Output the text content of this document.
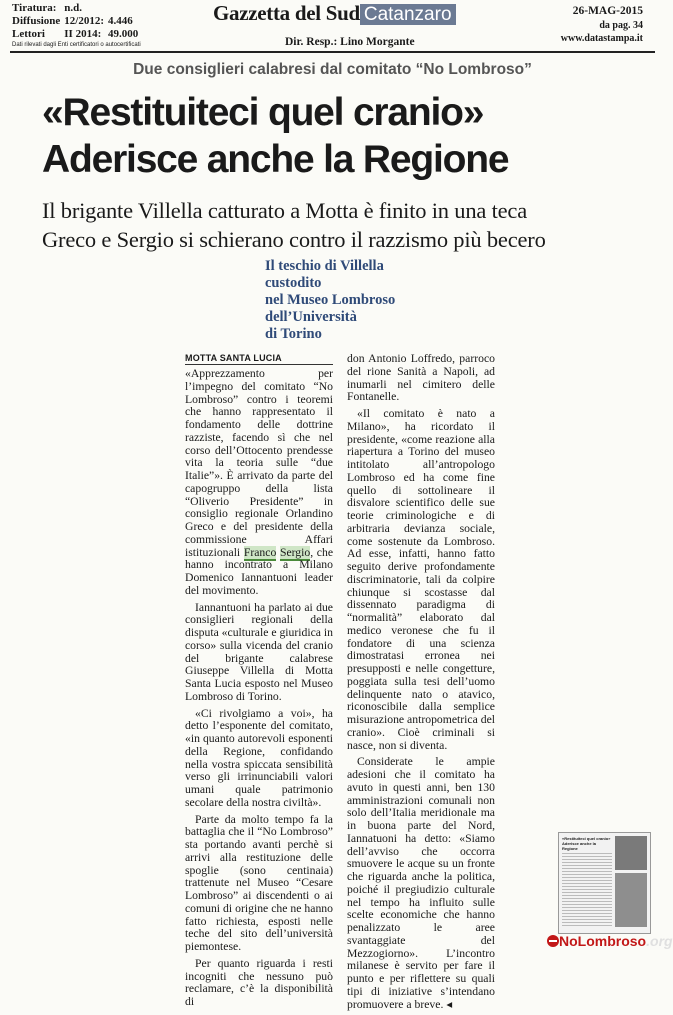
Tiratura:	n.d.	
Diffusione	12/2012:	4.446
Lettori	II 2014:	49.000
Dati rilevati dagli Enti certificatori o autocertificati
Gazzetta del Sud Catanzaro
Dir. Resp.: Lino Morgante
26-MAG-2015
da pag. 34
www.datastampa.it
Due consiglieri calabresi dal comitato “No Lombroso”
«Restituiteci quel cranio»
Aderisce anche la Regione
Il brigante Villella catturato a Motta è finito in una teca
Greco e Sergio si schierano contro il razzismo più becero
Il teschio di Villella
custodito
nel Museo Lombroso
dell’Università
di Torino
MOTTA SANTA LUCIA

«Apprezzamento per l’impegno del comitato “No Lombroso” contro i teoremi che hanno rappresentato il fondamento delle dottrine razziste, facendo sì che nel corso dell’Ottocento prendesse vita la teoria sulle “due Italie”». È arrivato da parte del capogruppo della lista “Oliverio Presidente” in consiglio regionale Orlandino Greco e del presidente della commissione Affari istituzionali Franco Sergio, che hanno incontrato a Milano Domenico Iannantuoni leader del movimento.

Iannantuoni ha parlato ai due consiglieri regionali della disputa «culturale e giuridica in corso» sulla vicenda del cranio del brigante calabrese Giuseppe Villella di Motta Santa Lucia esposto nel Museo Lombroso di Torino.

«Ci rivolgiamo a voi», ha detto l’esponente del comitato, «in quanto autorevoli esponenti della Regione, confidando nella vostra spiccata sensibilità verso gli irrinunciabili valori umani quale patrimonio secolare della nostra civiltà».

Parte da molto tempo fa la battaglia che il “No Lombroso” sta portando avanti perchè si arrivi alla restituzione delle spoglie (sono centinaia) trattenute nel Museo “Cesare Lombroso” ai discendenti o ai comuni di origine che ne hanno fatto richiesta, esposti nelle teche del sito dell’università piemontese.

Per quanto riguarda i resti incogniti che nessuno può reclamare, c’è la disponibilità di

don Antonio Loffredo, parroco del rione Sanità a Napoli, ad inumarli nel cimitero delle Fontanelle.

«Il comitato è nato a Milano», ha ricordato il presidente, «come reazione alla riapertura a Torino del museo intitolato all’antropologo Lombroso ed ha come fine quello di sottolineare il disvalore scientifico delle sue teorie criminologiche e di arbitraria devianza sociale, come sostenute da Lombroso. Ad esse, infatti, hanno fatto seguito derive profondamente discriminatorie, tali da colpire chiunque si scostasse dal dissennato paradigma di “normalità” elaborato dal medico veronese che fu il fondatore di una scienza dimostratasi erronea nei presupposti e nelle congetture, poggiata sulla tesi dell’uomo delinquente nato o atavico, riconoscibile dalla semplice misurazione antropometrica del cranio». Cioè criminali si nasce, non si diventa.

Considerate le ampie adesioni che il comitato ha avuto in questi anni, ben 130 amministrazioni comunali non solo dell’Italia meridionale ma in buona parte del Nord, Iannatuoni ha detto: «Siamo dell’avviso che occorra smuovere le acque su un fronte che riguarda anche la politica, poiché il pregiudizio culturale nel tempo ha influito sulle scelte economiche che hanno penalizzato le aree svantaggiate del Mezzogiorno». L’incontro milanese è servito per fare il punto e per riflettere su quali tipi di iniziative s’intendano promuovere a breve. ◂

«Restituiteci quel cranio» Aderisce anche la Regione
NoLombroso.org
